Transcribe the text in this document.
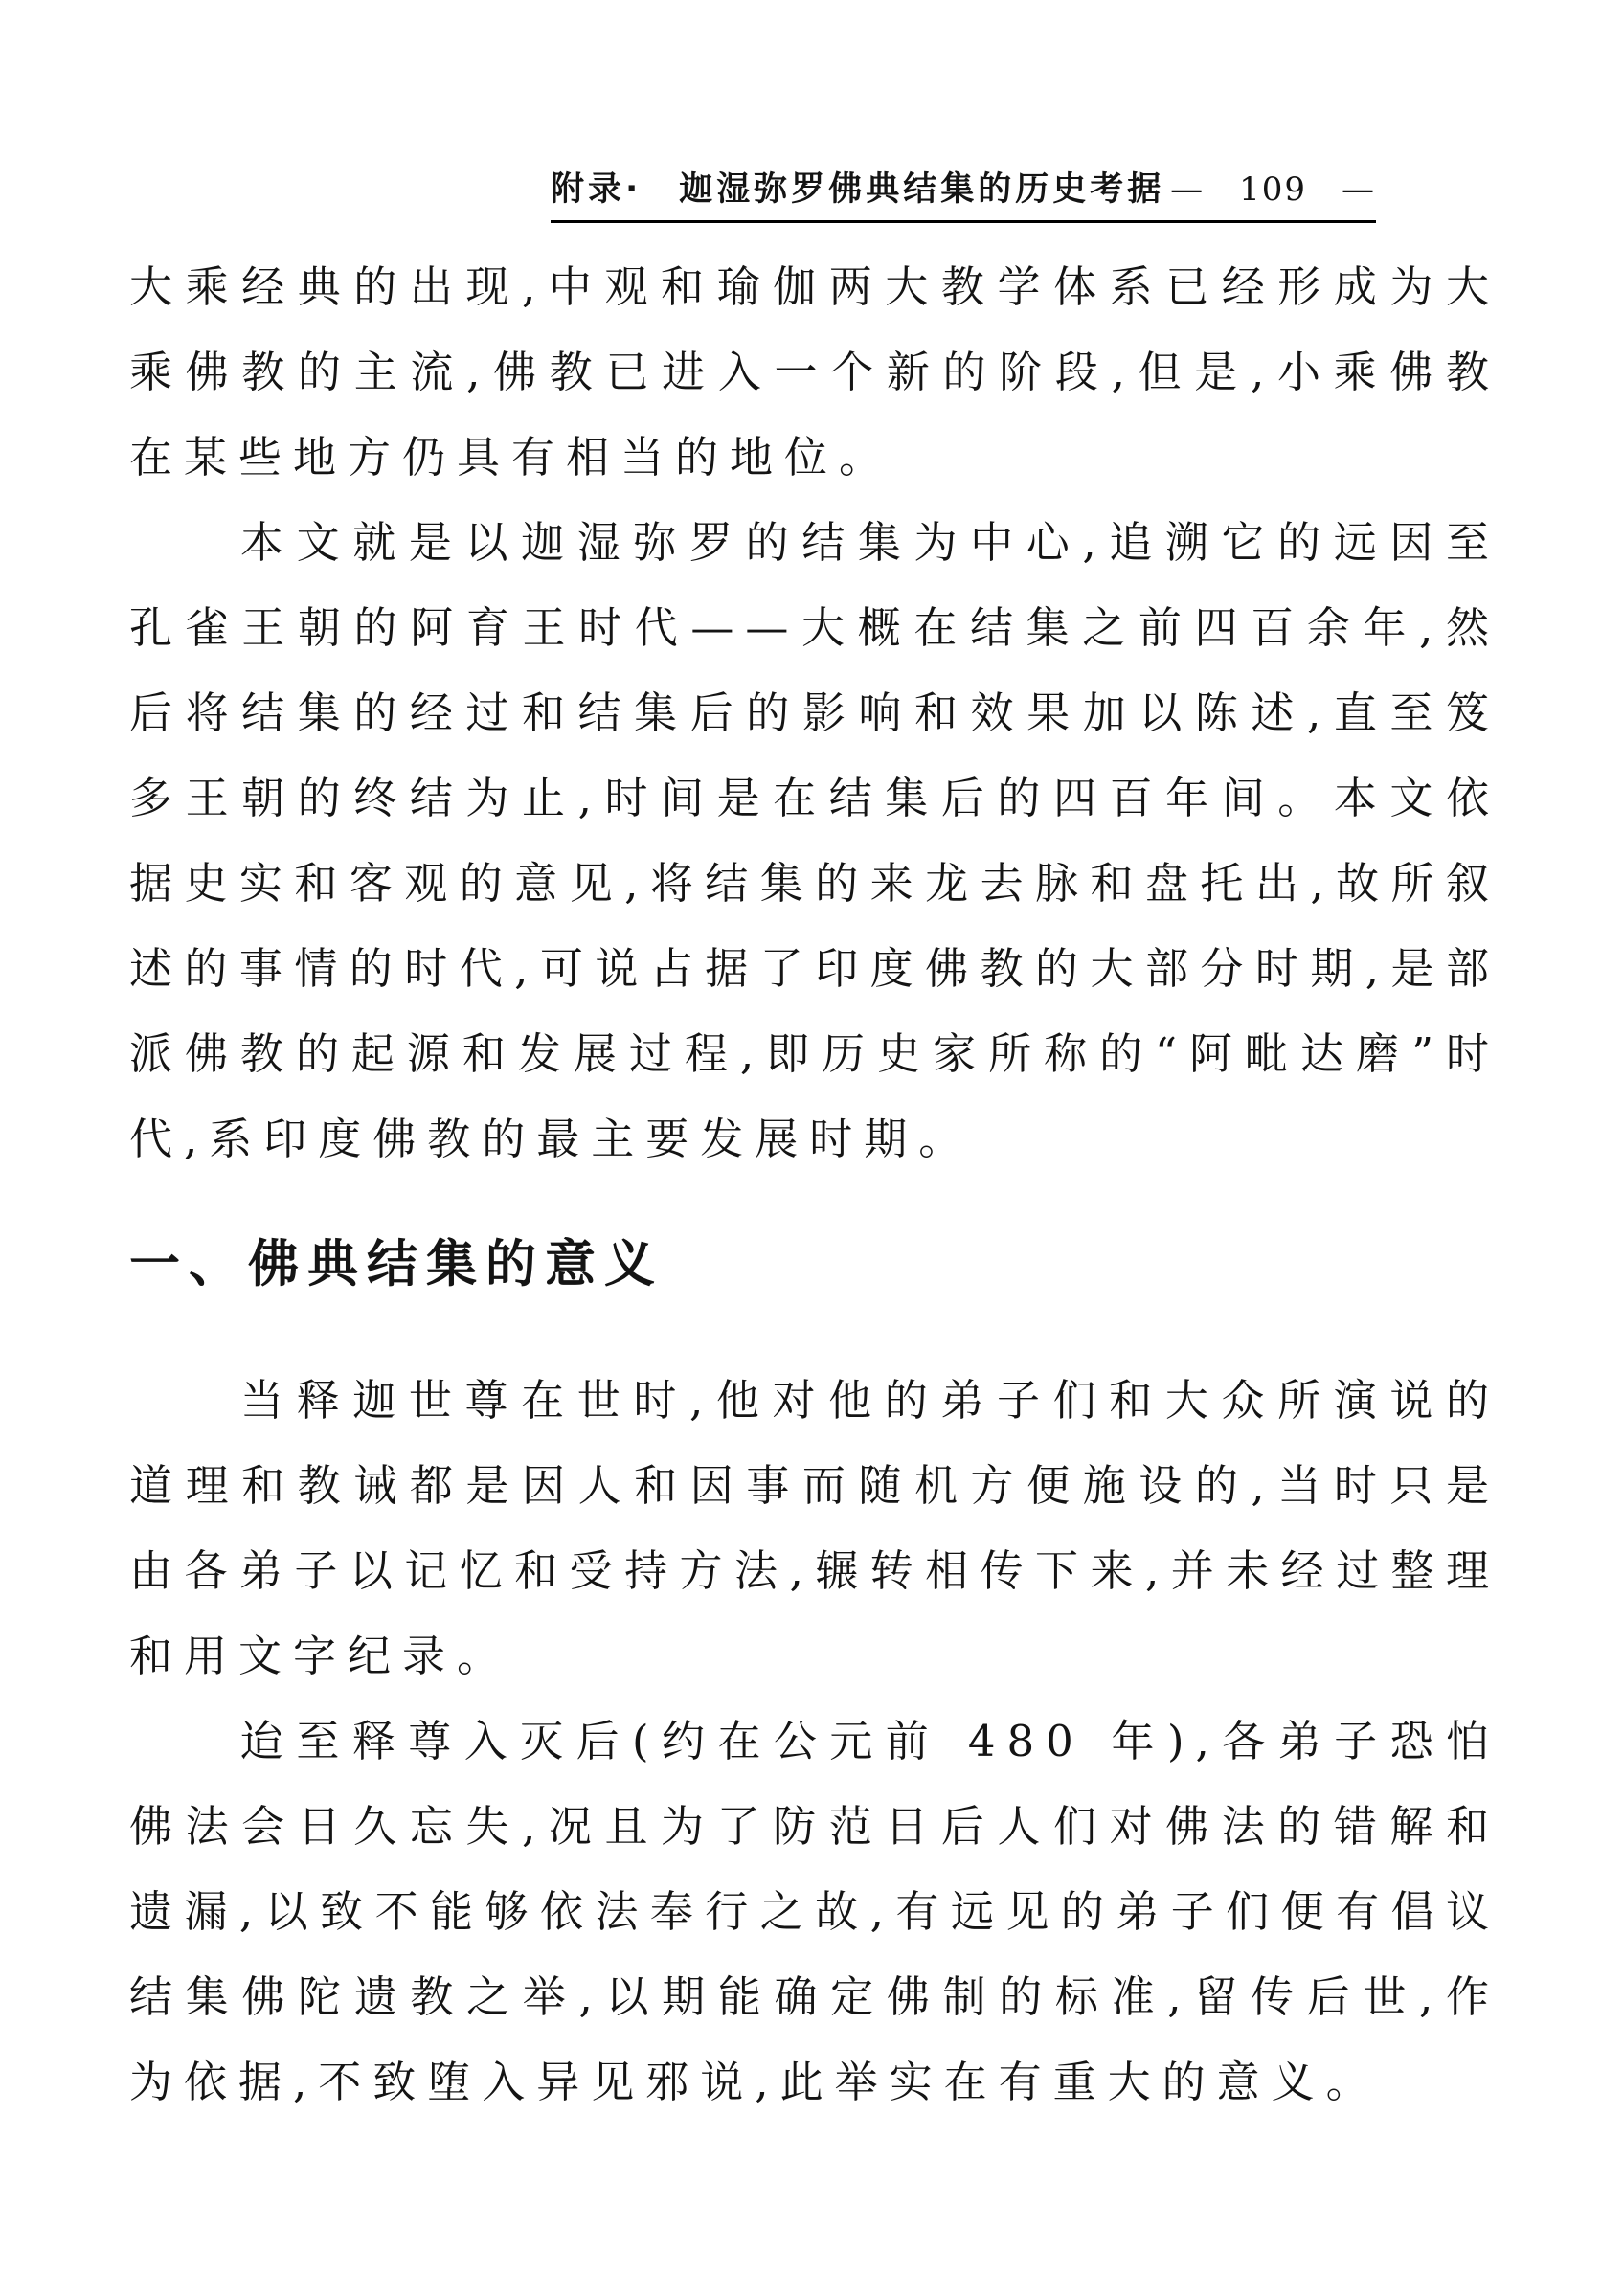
附录·　迦湿弥罗佛典结集的历史考据 —　109　—

大乘经典的出现,中观和瑜伽两大教学体系已经形成为大乘佛教的主流,佛教已进入一个新的阶段,但是,小乘佛教在某些地方仍具有相当的地位。

本文就是以迦湿弥罗的结集为中心,追溯它的远因至孔雀王朝的阿育王时代——大概在结集之前四百余年,然后将结集的经过和结集后的影响和效果加以陈述,直至笈多王朝的终结为止,时间是在结集后的四百年间。本文依据史实和客观的意见,将结集的来龙去脉和盘托出,故所叙述的事情的时代,可说占据了印度佛教的大部分时期,是部派佛教的起源和发展过程,即历史家所称的“阿毗达磨”时代,系印度佛教的最主要发展时期。

一、佛典结集的意义

当释迦世尊在世时,他对他的弟子们和大众所演说的道理和教诫都是因人和因事而随机方便施设的,当时只是由各弟子以记忆和受持方法,辗转相传下来,并未经过整理和用文字纪录。

迨至释尊入灭后(约在公元前 480 年),各弟子恐怕佛法会日久忘失,况且为了防范日后人们对佛法的错解和遗漏,以致不能够依法奉行之故,有远见的弟子们便有倡议结集佛陀遗教之举,以期能确定佛制的标准,留传后世,作为依据,不致堕入异见邪说,此举实在有重大的意义。
